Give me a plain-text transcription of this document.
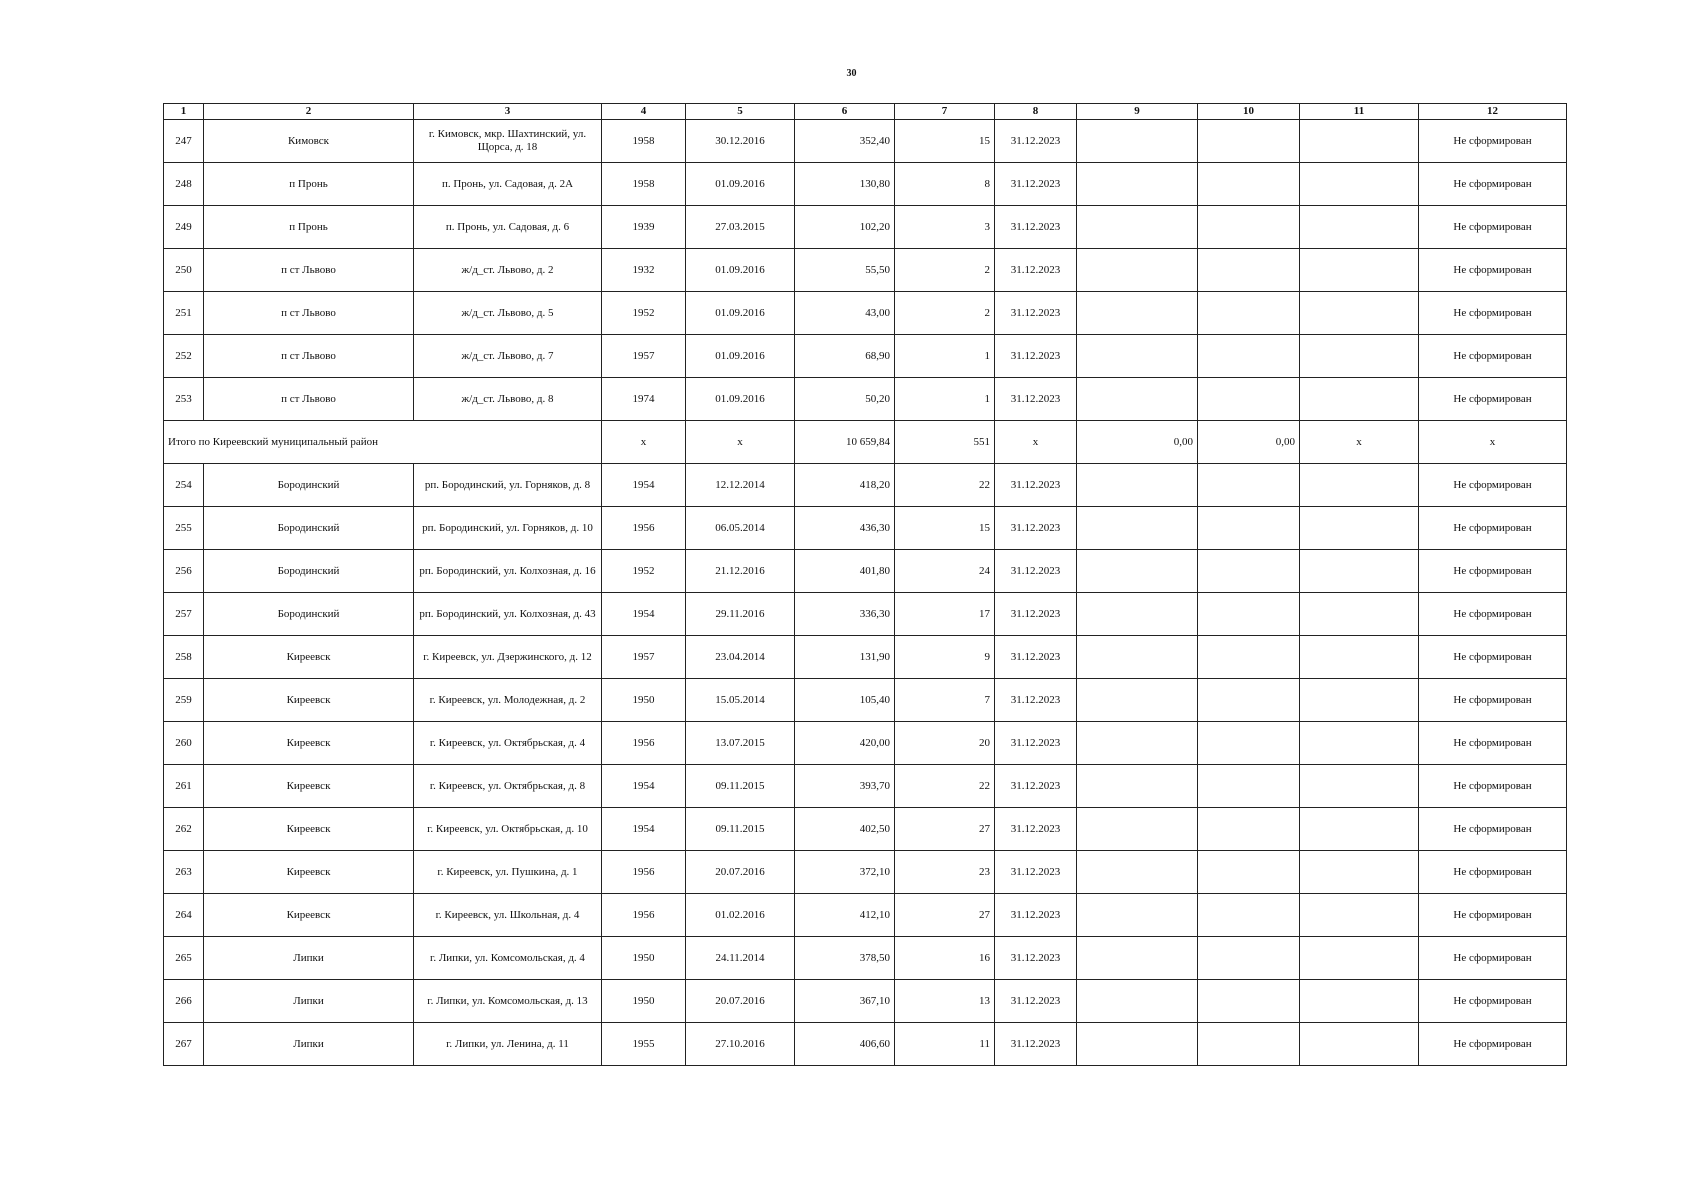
30
1	2	3	4	5	6	7	8	9	10	11	12
247	Кимовск	г. Кимовск, мкр. Шахтинский, ул. Щорса, д. 18	1958	30.12.2016	352,40	15	31.12.2023				Не сформирован
248	п Пронь	п. Пронь, ул. Садовая, д. 2А	1958	01.09.2016	130,80	8	31.12.2023				Не сформирован
249	п Пронь	п. Пронь, ул. Садовая, д. 6	1939	27.03.2015	102,20	3	31.12.2023				Не сформирован
250	п ст Львово	ж/д_ст. Львово, д. 2	1932	01.09.2016	55,50	2	31.12.2023				Не сформирован
251	п ст Львово	ж/д_ст. Львово, д. 5	1952	01.09.2016	43,00	2	31.12.2023				Не сформирован
252	п ст Львово	ж/д_ст. Львово, д. 7	1957	01.09.2016	68,90	1	31.12.2023				Не сформирован
253	п ст Львово	ж/д_ст. Львово, д. 8	1974	01.09.2016	50,20	1	31.12.2023				Не сформирован
Итого по Киреевский муниципальный район			x	x	10 659,84	551	x	0,00	0,00	x	x
254	Бородинский	рп. Бородинский, ул. Горняков, д. 8	1954	12.12.2014	418,20	22	31.12.2023				Не сформирован
255	Бородинский	рп. Бородинский, ул. Горняков, д. 10	1956	06.05.2014	436,30	15	31.12.2023				Не сформирован
256	Бородинский	рп. Бородинский, ул. Колхозная, д. 16	1952	21.12.2016	401,80	24	31.12.2023				Не сформирован
257	Бородинский	рп. Бородинский, ул. Колхозная, д. 43	1954	29.11.2016	336,30	17	31.12.2023				Не сформирован
258	Киреевск	г. Киреевск, ул. Дзержинского, д. 12	1957	23.04.2014	131,90	9	31.12.2023				Не сформирован
259	Киреевск	г. Киреевск, ул. Молодежная, д. 2	1950	15.05.2014	105,40	7	31.12.2023				Не сформирован
260	Киреевск	г. Киреевск, ул. Октябрьская, д. 4	1956	13.07.2015	420,00	20	31.12.2023				Не сформирован
261	Киреевск	г. Киреевск, ул. Октябрьская, д. 8	1954	09.11.2015	393,70	22	31.12.2023				Не сформирован
262	Киреевск	г. Киреевск, ул. Октябрьская, д. 10	1954	09.11.2015	402,50	27	31.12.2023				Не сформирован
263	Киреевск	г. Киреевск, ул. Пушкина, д. 1	1956	20.07.2016	372,10	23	31.12.2023				Не сформирован
264	Киреевск	г. Киреевск, ул. Школьная, д. 4	1956	01.02.2016	412,10	27	31.12.2023				Не сформирован
265	Липки	г. Липки, ул. Комсомольская, д. 4	1950	24.11.2014	378,50	16	31.12.2023				Не сформирован
266	Липки	г. Липки, ул. Комсомольская, д. 13	1950	20.07.2016	367,10	13	31.12.2023				Не сформирован
267	Липки	г. Липки, ул. Ленина, д. 11	1955	27.10.2016	406,60	11	31.12.2023				Не сформирован
